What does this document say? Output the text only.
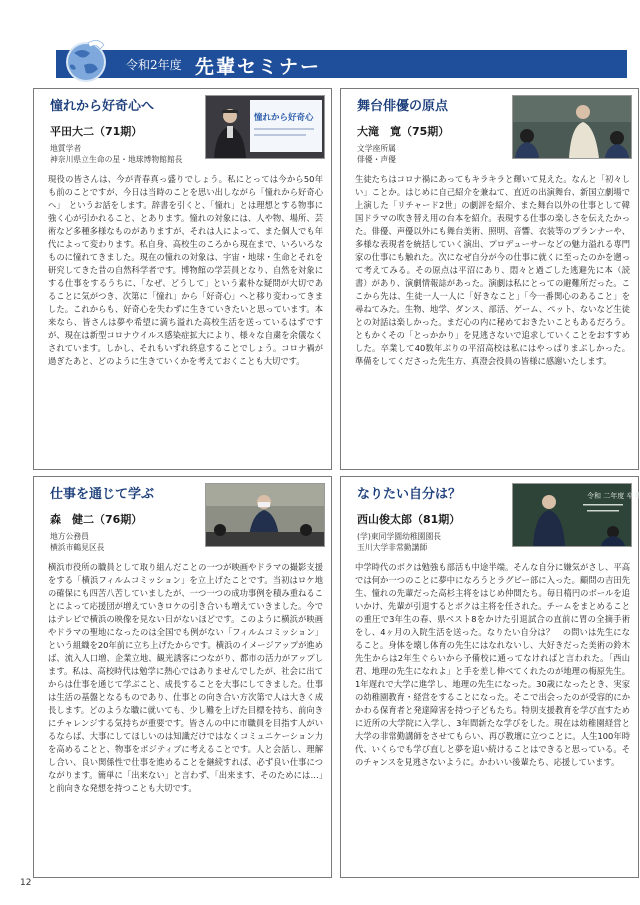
令和2年度 先輩セミナー
憧れから好奇心へ
平田大二（71期）
地質学者
神奈川県立生命の星・地球博物館館長
憧れから好奇心
現役の皆さんは、今が青春真っ盛りでしょう。私にとっては今から50年も前のことですが、今日は当時のことを思い出しながら「憧れから好奇心へ」　というお話をします。辞書を引くと、「憧れ」とは理想とする物事に強く心が引かれること、とあります。憧れの対象には、人や物、場所、芸術など多種多様なものがありますが、それは人によって、また個人でも年代によって変わります。私自身、高校生のころから現在まで、いろいろなものに憧れてきました。現在の憧れの対象は、宇宙・地球・生命とそれを研究してきた昔の自然科学者です。博物館の学芸員となり、自然を対象にする仕事をするうちに、「なぜ、どうして」という素朴な疑問が大切であることに気がつき、次第に「憧れ」から「好奇心」へと移り変わってきました。これからも、好奇心を失わずに生きていきたいと思っています。本来なら、皆さんは夢や希望に満ち溢れた高校生活を送っているはずですが、現在は新型コロナウイルス感染症拡大により、様々な自粛を余儀なくされています。しかし、それもいずれ終息することでしょう。コロナ禍が過ぎたあと、どのように生きていくかを考えておくことも大切です。
舞台俳優の原点
大滝　寛（75期）
文学座所属
俳優・声優
生徒たちはコロナ禍にあってもキラキラと輝いて見えた。なんと「初々しい」ことか。はじめに自己紹介を兼ねて、直近の出演舞台、新国立劇場で上演した「リチャード2世」の劇評を紹介、また舞台以外の仕事として韓国ドラマの吹き替え用の台本を紹介。表現する仕事の楽しさを伝えたかった。俳優、声優以外にも舞台美術、照明、音響、衣装等のプランナーや、多様な表現者を統括していく演出、プロデューサーなどの魅力溢れる専門家の仕事にも触れた。次になぜ自分が今の仕事に就くに至ったのかを遡って考えてみる。その原点は平沼にあり、悶々と過ごした逃避先に本（読書）があり、演劇情報誌があった。演劇は私にとっての避難所だった。ここから先は、生徒一人一人に「好きなこと」「今一番関心のあること」を尋ねてみた。生物、地学、ダンス、部活、ゲーム、ペット、ないなど生徒との対話は楽しかった。まだ心の内に秘めておきたいこともあるだろう。ともかくその「とっかかり」を見逃さないで追求していくことをおすすめした。卒業して40数年ぶりの平沼高校は私にはやっぱりまぶしかった。準備をしてくださった先生方、真澄会役員の皆様に感謝いたします。
仕事を通じて学ぶ
森　健二（76期）
地方公務員
横浜市鶴見区長
横浜市役所の職員として取り組んだことの一つが映画やドラマの撮影支援をする「横浜フィルムコミッション」を立上げたことです。当初はロケ地の確保にも四苦八苦していましたが、一つ一つの成功事例を積み重ねることによって応援団が増えていきロケの引き合いも増えていきました。今ではテレビで横浜の映像を見ない日がないほどです。このように横浜が映画やドラマの聖地になったのは全国でも例がない「フィルムコミッション」という組織を20年前に立ち上げたからです。横浜のイメージアップが進めば、流入人口増、企業立地、観光誘客につながり、都市の活力がアップします。私は、高校時代は勉学に熱心ではありませんでしたが、社会に出てからは仕事を通じて学ぶこと、成長することを大事にしてきました。仕事は生活の基盤となるものであり、仕事との向き合い方次第で人は大きく成長します。どのような職に就いても、少し難を上げた目標を持ち、前向きにチャレンジする気持ちが重要です。皆さんの中に市職員を目指す人がいるならば、大事にしてほしいのは知識だけではなくコミュニケーション力を高めることと、物事をポジティブに考えることです。人と会話し、理解し合い、良い関係性で仕事を進めることを継続すれば、必ず良い仕事につながります。簡単に「出来ない」と言わず、「出来ます、そのためには…」と前向きな発想を持つことも大切です。
なりたい自分は？
西山俊太郎（81期）
(学)東同学園幼稚園園長
玉川大学非常勤講師
令和 二年度 卒業
中学時代のボクは勉強も部活も中途半端。そんな自分に嫌気がさし、平高では何か一つのことに夢中になろうとラグビー部に入った。顧問の吉田先生、憧れの先輩だった高杉主将をはじめ仲間たち。毎日楕円のボールを追いかけ、先輩が引退するとボクは主将を任された。チームをまとめることの重圧で3年生の春、県ベスト8をかけた引退試合の直前に胃の全摘手術をし、4ヶ月の入院生活を送った。なりたい自分は？　の問いは先生になること。身体を壊し体育の先生にはなれないし、大好きだった美術の鈴木先生からは2年生ぐらいから予備校に通ってなければと言われた。「西山君、地理の先生になれよ」と手を差し伸べてくれたのが地理の梅原先生。1年遅れで大学に進学し、地理の先生になった。30歳になったとき、実家の幼稚園教育・経営をすることになった。そこで出会ったのが受容的にかかわる保育者と発達障害を持つ子どもたち。特別支援教育を学び直すために近所の大学院に入学し、3年間新たな学びをした。現在は幼稚園経営と大学の非常勤講師をさせてもらい、再び教壇に立つことに。人生100年時代、いくらでも学び直しと夢を追い続けることはできると思っている。そのチャンスを見逃さないように。かわいい後輩たち、応援しています。
12
